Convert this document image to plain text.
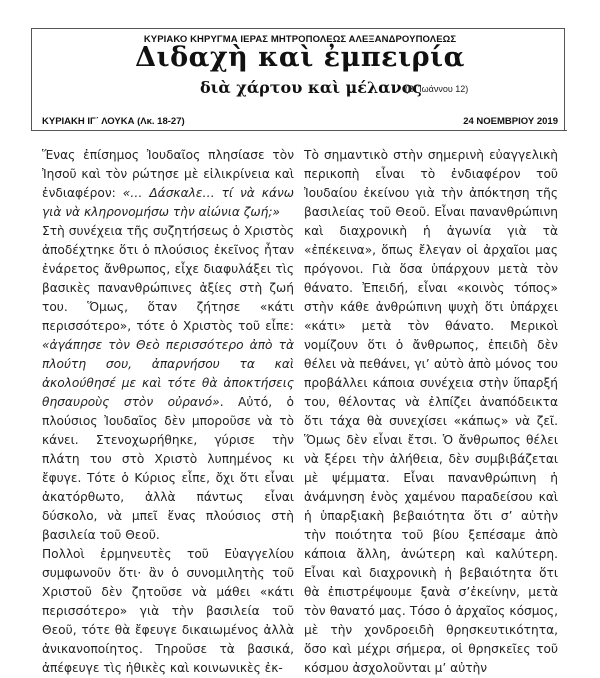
ΚΥΡΙΑΚΟ ΚΗΡΥΓΜΑ ΙΕΡΑΣ ΜΗΤΡΟΠΟΛΕΩΣ ΑΛΕΞΑΝΔΡΟΥΠΟΛΕΩΣ
Διδαχὴ καὶ ἐμπειρία
διὰ χάρτου καὶ μέλανος
(Β' Ἰωάννου 12)
ΚΥΡΙΑΚΗ ΙΓ΄ ΛΟΥΚΑ (Λκ. 18-27)	24 ΝΟΕΜΒΡΙΟΥ 2019

Ἕνας ἐπίσημος Ἰουδαῖος πλησίασε τὸν Ἰησοῦ καὶ τὸν ρώτησε μὲ εἰλικρίνεια καὶ ἐνδιαφέρον: «… Δάσκαλε… τί νὰ κάνω γιὰ νὰ κληρονομήσω τὴν αἰώνια ζωή;»

Στὴ συνέχεια τῆς συζητήσεως ὁ Χριστὸς ἀποδέχτηκε ὅτι ὁ πλούσιος ἐκεῖνος ἦταν ἐνάρετος ἄνθρωπος, εἶχε διαφυλάξει τὶς βασικὲς πανανθρώπινες ἀξίες στὴ ζωή του. Ὅμως, ὅταν ζήτησε «κάτι περισσότερο», τότε ὁ Χριστὸς τοῦ εἶπε: «ἀγάπησε τὸν Θεὸ περισσότερο ἀπὸ τὰ πλούτη σου, ἀπαρνήσου τα καὶ ἀκολούθησέ με καὶ τότε θὰ ἀποκτήσεις θησαυροὺς στὸν οὐρανό». Αὐτό, ὁ πλούσιος Ἰουδαῖος δὲν μποροῦσε νὰ τὸ κάνει. Στενοχωρήθηκε, γύρισε τὴν πλάτη του στὸ Χριστὸ λυπημένος κι ἔφυγε. Τότε ὁ Κύριος εἶπε, ὄχι ὅτι εἶναι ἀκατόρθωτο, ἀλλὰ πάντως εἶναι δύσκολο, νὰ μπεῖ ἕνας πλούσιος στὴ βασιλεία τοῦ Θεοῦ.

Πολλοὶ ἑρμηνευτὲς τοῦ Εὐαγγελίου συμφωνοῦν ὅτι· ἂν ὁ συνομιλητὴς τοῦ Χριστοῦ δὲν ζητοῦσε νὰ μάθει «κάτι περισσότερο» γιὰ τὴν βασιλεία τοῦ Θεοῦ, τότε θὰ ἔφευγε δικαιωμένος ἀλλὰ ἀνικανοποίητος. Τηροῦσε τὰ βασικά, ἀπέφευγε τὶς ἠθικὲς καὶ κοινωνικὲς ἐκ-

Τὸ σημαντικὸ στὴν σημερινὴ εὐαγγελικὴ περικοπὴ εἶναι τὸ ἐνδιαφέρον τοῦ Ἰουδαίου ἐκείνου γιὰ τὴν ἀπόκτηση τῆς βασιλείας τοῦ Θεοῦ. Εἶναι πανανθρώπινη καὶ διαχρονικὴ ἡ ἀγωνία γιὰ τὰ «ἐπέκεινα», ὅπως ἔλεγαν οἱ ἀρχαῖοι μας πρόγονοι. Γιὰ ὅσα ὑπάρχουν μετὰ τὸν θάνατο. Ἐπειδή, εἶναι «κοινὸς τόπος» στὴν κάθε ἀνθρώπινη ψυχὴ ὅτι ὑπάρχει «κάτι» μετὰ τὸν θάνατο. Μερικοὶ νομίζουν ὅτι ὁ ἄνθρωπος, ἐπειδὴ δὲν θέλει νὰ πεθάνει, γι’ αὐτὸ ἀπὸ μόνος του προβάλλει κάποια συνέχεια στὴν ὕπαρξή του, θέλοντας νὰ ἐλπίζει ἀναπόδεικτα ὅτι τάχα θὰ συνεχίσει «κάπως» νὰ ζεῖ. Ὅμως δὲν εἶναι ἔτσι. Ὁ ἄνθρωπος θέλει νὰ ξέρει τὴν ἀλήθεια, δὲν συμβιβάζεται μὲ ψέμματα. Εἶναι πανανθρώπινη ἡ ἀνάμνηση ἑνὸς χαμένου παραδείσου καὶ ἡ ὑπαρξιακὴ βεβαιότητα ὅτι σ’ αὐτὴν τὴν ποιότητα τοῦ βίου ξεπέσαμε ἀπὸ κάποια ἄλλη, ἀνώτερη καὶ καλύτερη. Εἶναι καὶ διαχρονικὴ ἡ βεβαιότητα ὅτι θὰ ἐπιστρέψουμε ξανὰ σ’ἐκείνην, μετὰ τὸν θανατό μας. Τόσο ὁ ἀρχαῖος κόσμος, μὲ τὴν χονδροειδὴ θρησκευτικότητα, ὅσο καὶ μέχρι σήμερα, οἱ θρησκεῖες τοῦ κόσμου ἀσχολοῦνται μ’ αὐτὴν
